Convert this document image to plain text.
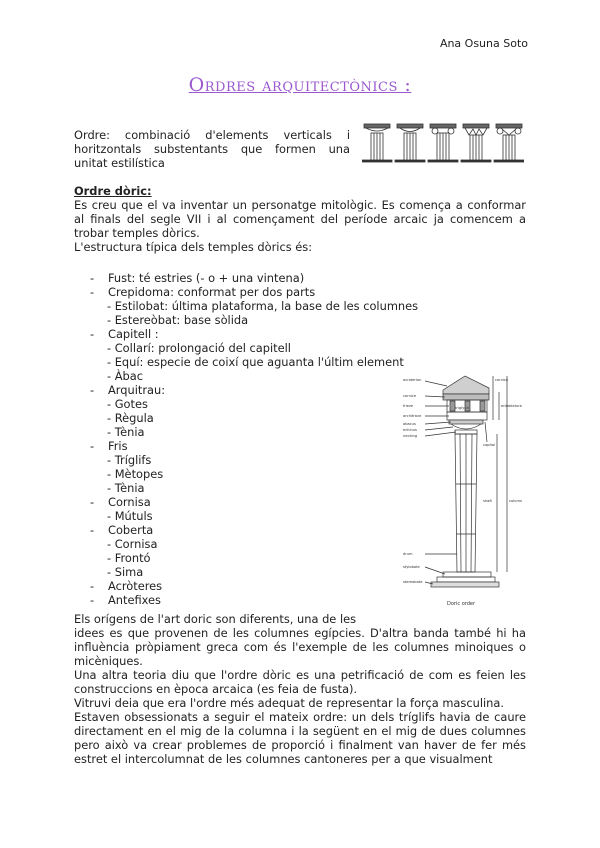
Ana Osuna Soto
Ordres arquitectònics :
Ordre: combinació d'elements verticals i horitzontals substentants que formen una unitat estilística
Ordre dòric:
Es creu que el va inventar un personatge mitològic. Es comença a conformar al finals del segle VII i al començament del període arcaic ja comencem a trobar temples dòrics.
L'estructura típica dels temples dòrics és:
- Fust: té estries (- o + una vintena)
- Crepidoma: conformat per dos parts
- Estilobat: última plataforma, la base de les columnes
- Estereòbat: base sòlida
- Capitell :
- Collarí: prolongació del capitell
- Equí: especie de coixí que aguanta l'últim element
- Àbac
- Arquitrau:
- Gotes
- Règula
- Tènia
- Fris
- Tríglifs
- Mètopes
- Tènia
- Cornisa
- Mútuls
- Coberta
- Cornisa
- Frontó
- Sima
- Acròteres
- Antefixes
acroterion
cornice
frieze
architrave
abacus
echinus
necking
drum
stylobate
stereobate
cornice
entablature
capital
shaft	column
triglyph
Doric order
Els orígens de l'art doric son diferents, una de les
idees es que provenen de les columnes egípcies. D'altra banda també hi ha influència pròpiament greca com és l'exemple de les columnes minoiques o micèniques.
Una altra teoria diu que l'ordre dòric es una petrificació de com es feien les construccions en època arcaica (es feia de fusta).
Vitruvi deia que era l'ordre més adequat de representar la força masculina.
Estaven obsessionats a seguir el mateix ordre: un dels tríglifs havia de caure directament en el mig de la columna i la següent en el mig de dues columnes pero això va crear problemes de proporció i finalment van haver de fer més estret el intercolumnat de les columnes cantoneres per a que visualment
